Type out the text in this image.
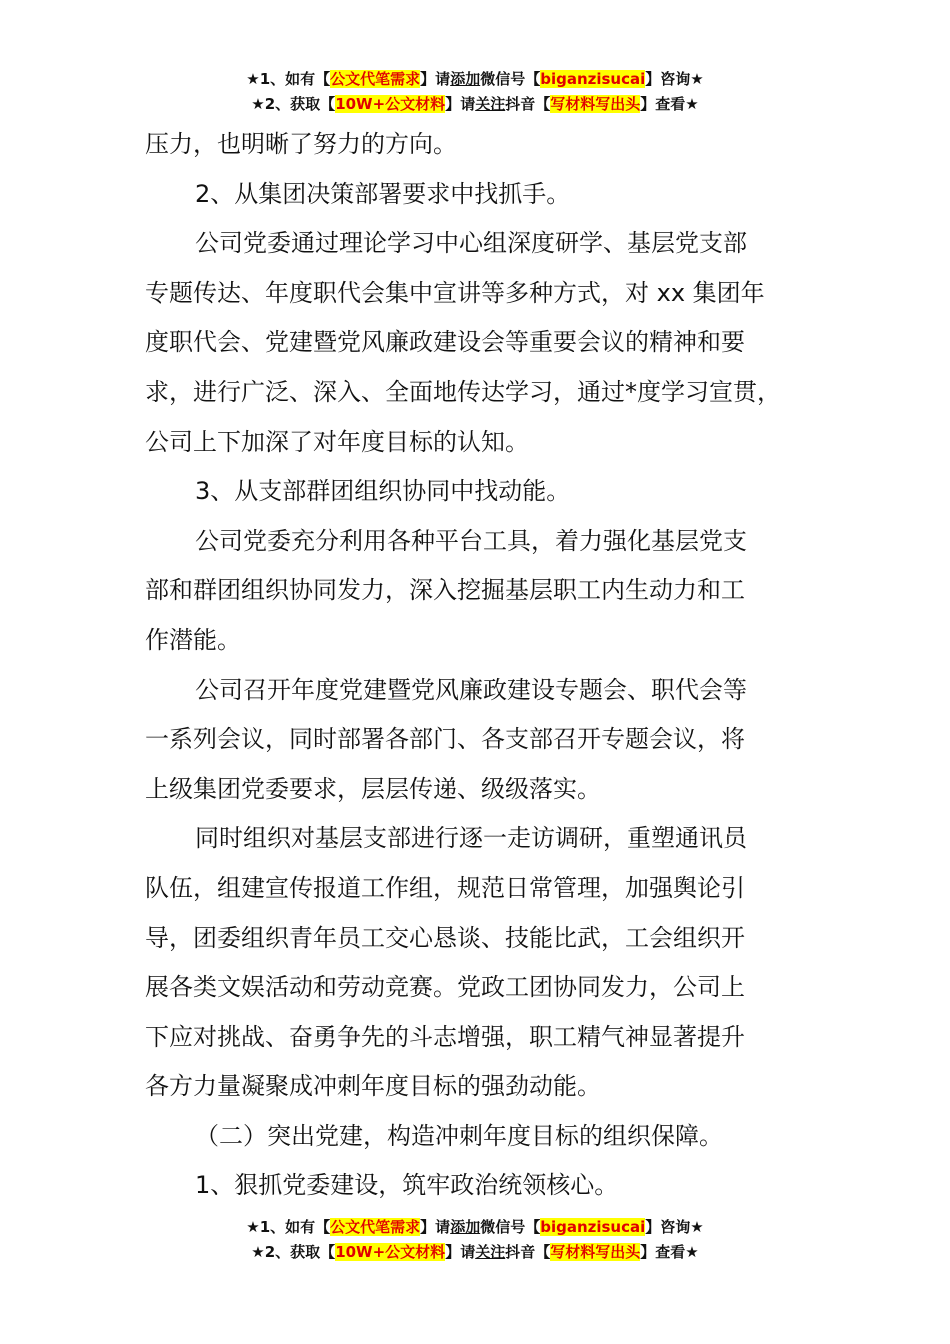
★1、如有【公文代笔需求】请添加微信号【biganzisucai】咨询★
★2、获取【10W+公文材料】请关注抖音【写材料写出头】查看★

压力，也明晰了努力的方向。

2、从集团决策部署要求中找抓手。

公司党委通过理论学习中心组深度研学、基层党支部

专题传达、年度职代会集中宣讲等多种方式，对 xx 集团年

度职代会、党建暨党风廉政建设会等重要会议的精神和要

求，进行广泛、深入、全面地传达学习，通过*度学习宣贯，

公司上下加深了对年度目标的认知。

3、从支部群团组织协同中找动能。

公司党委充分利用各种平台工具，着力强化基层党支

部和群团组织协同发力，深入挖掘基层职工内生动力和工

作潜能。

公司召开年度党建暨党风廉政建设专题会、职代会等

一系列会议，同时部署各部门、各支部召开专题会议，将

上级集团党委要求，层层传递、级级落实。

同时组织对基层支部进行逐一走访调研，重塑通讯员

队伍，组建宣传报道工作组，规范日常管理，加强舆论引

导，团委组织青年员工交心恳谈、技能比武，工会组织开

展各类文娱活动和劳动竞赛。党政工团协同发力，公司上

下应对挑战、奋勇争先的斗志增强，职工精气神显著提升

各方力量凝聚成冲刺年度目标的强劲动能。

（二）突出党建，构造冲刺年度目标的组织保障。

1、狠抓党委建设，筑牢政治统领核心。

★1、如有【公文代笔需求】请添加微信号【biganzisucai】咨询★
★2、获取【10W+公文材料】请关注抖音【写材料写出头】查看★
